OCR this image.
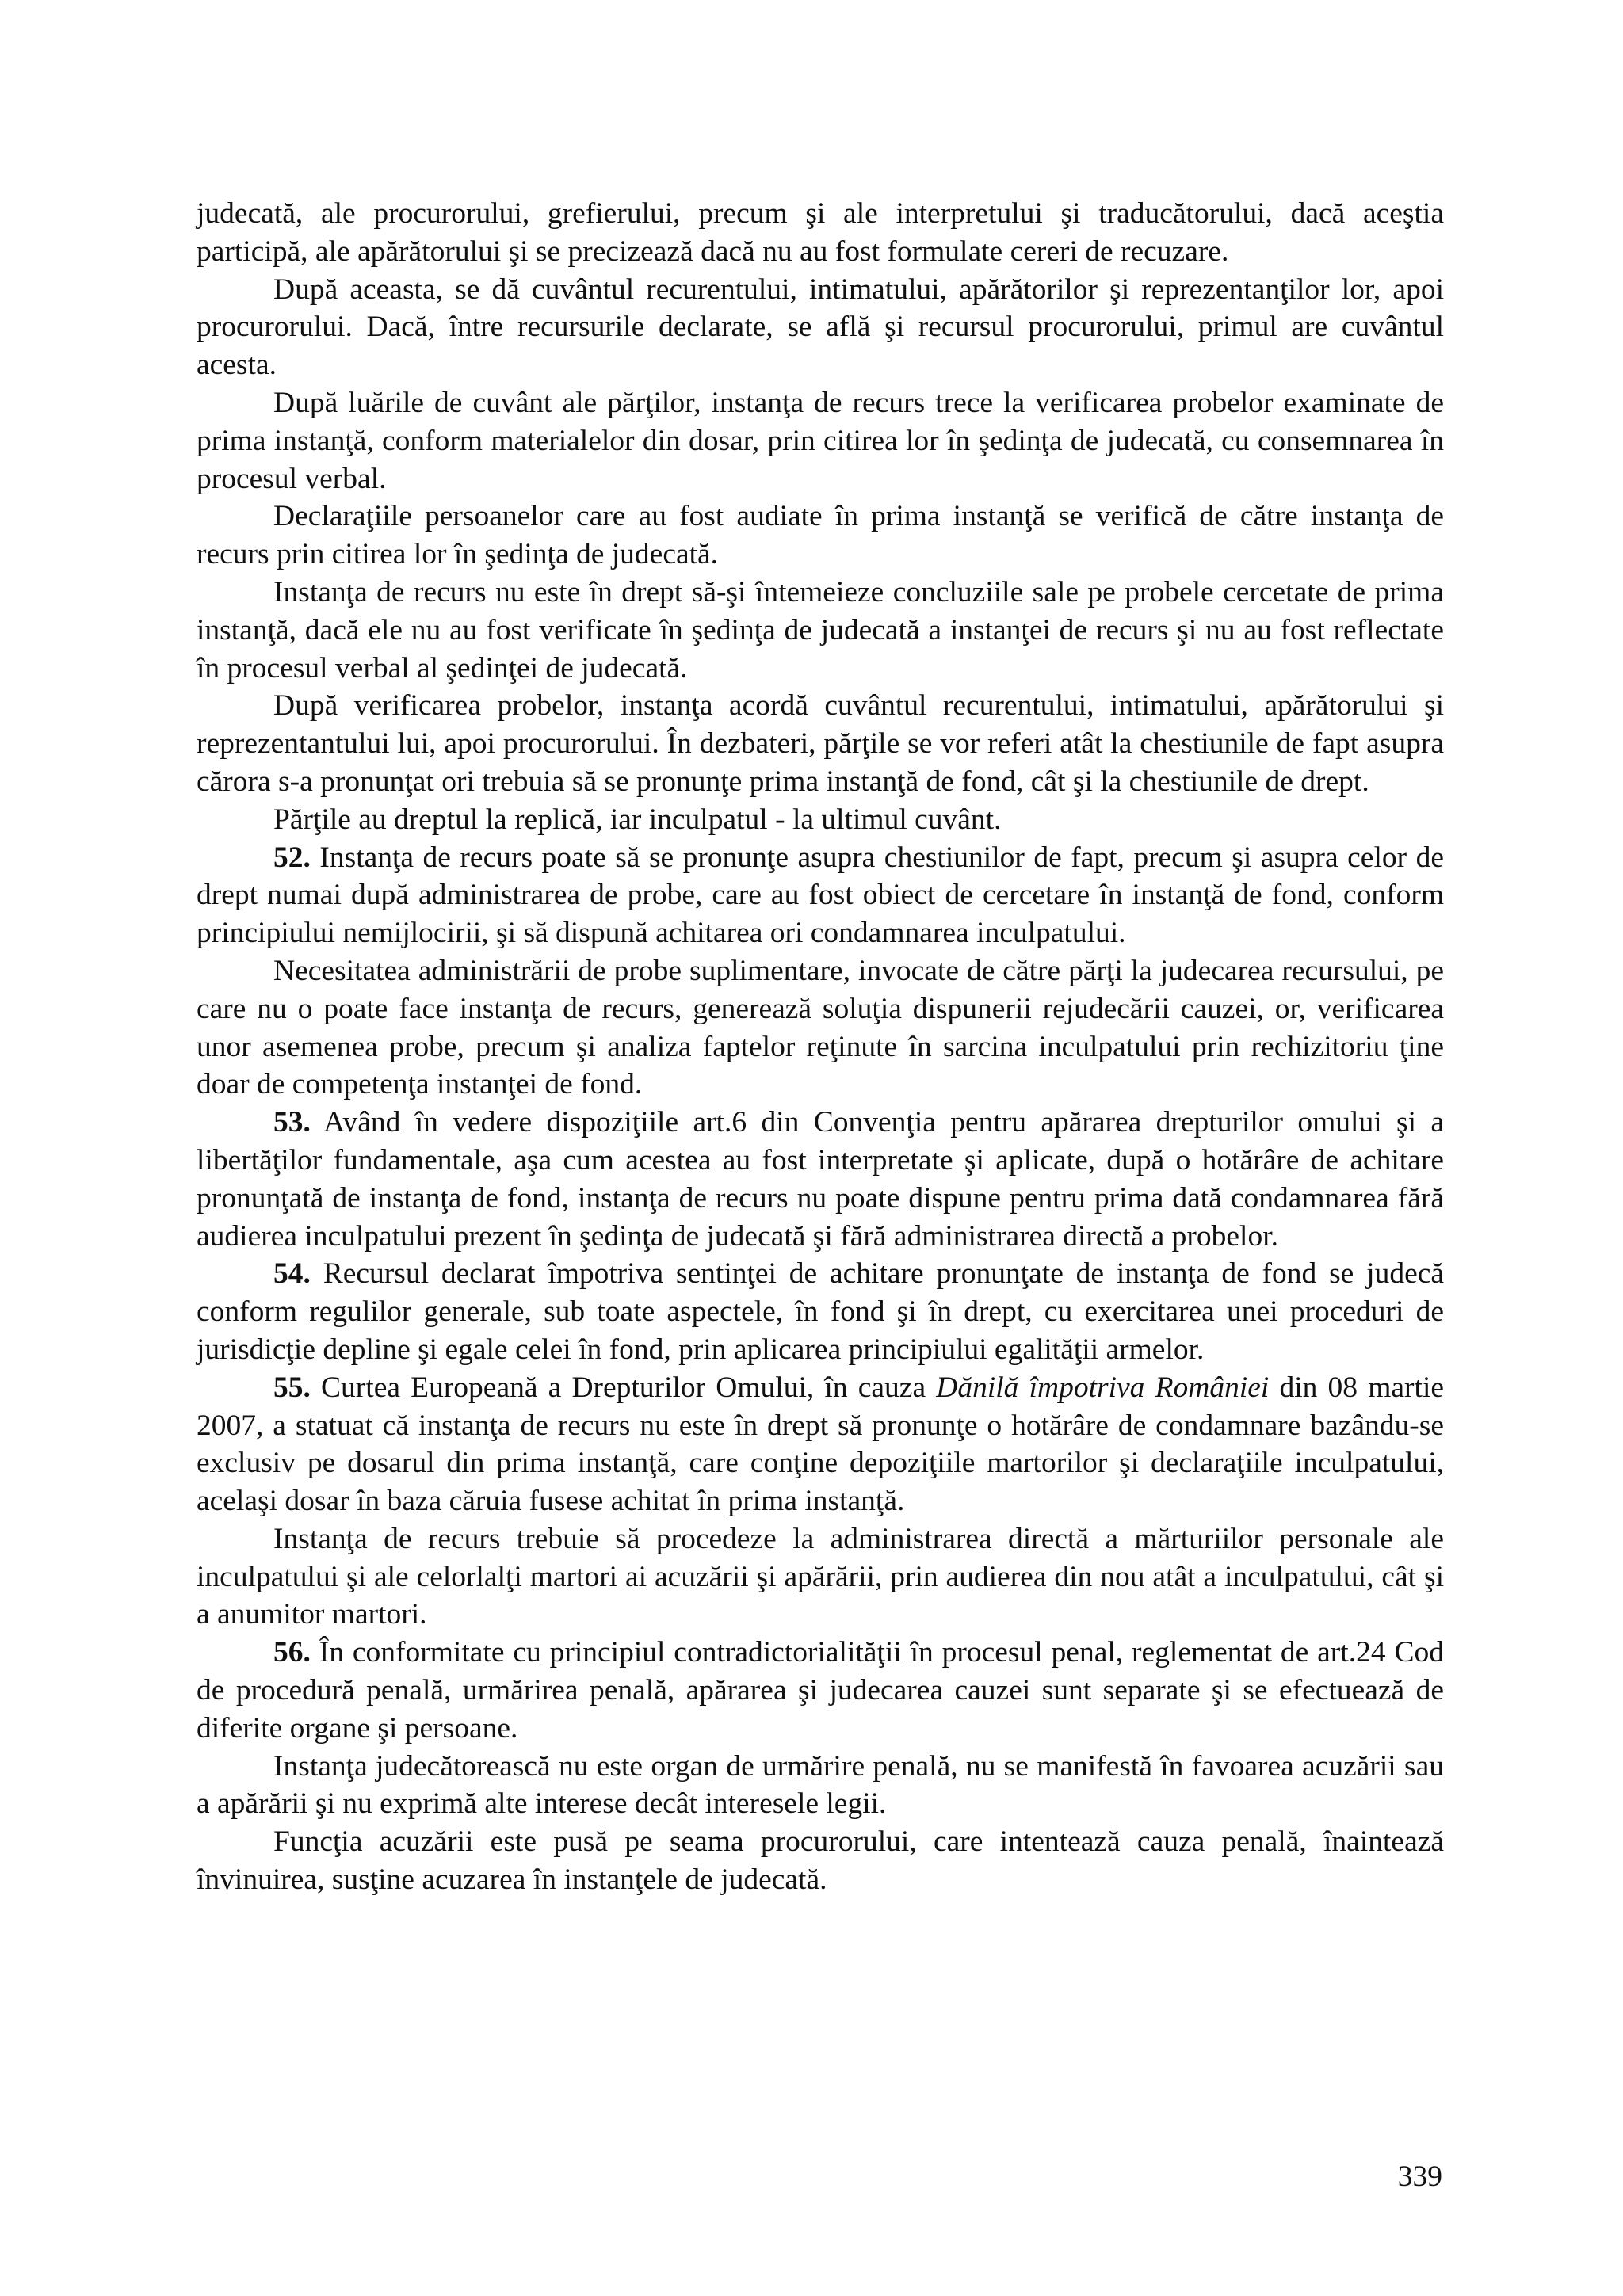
judecată, ale procurorului, grefierului, precum şi ale interpretului şi traducătorului, dacă aceştia participă, ale apărătorului şi se precizează dacă nu au fost formulate cereri de recuzare.

După aceasta, se dă cuvântul recurentului, intimatului, apărătorilor şi reprezentanţilor lor, apoi procurorului. Dacă, între recursurile declarate, se află şi recursul procurorului, primul are cuvântul acesta.

După luările de cuvânt ale părţilor, instanţa de recurs trece la verificarea probelor examinate de prima instanţă, conform materialelor din dosar, prin citirea lor în şedinţa de judecată, cu consemnarea în procesul verbal.

Declaraţiile persoanelor care au fost audiate în prima instanţă se verifică de către instanţa de recurs prin citirea lor în şedinţa de judecată.

Instanţa de recurs nu este în drept să-şi întemeieze concluziile sale pe probele cercetate de prima instanţă, dacă ele nu au fost verificate în şedinţa de judecată a instanţei de recurs şi nu au fost reflectate în procesul verbal al şedinţei de judecată.

După verificarea probelor, instanţa acordă cuvântul recurentului, intimatului, apărătorului şi reprezentantului lui, apoi procurorului. În dezbateri, părţile se vor referi atât la chestiunile de fapt asupra cărora s-a pronunţat ori trebuia să se pronunţe prima instanţă de fond, cât şi la chestiunile de drept.

Părţile au dreptul la replică, iar inculpatul - la ultimul cuvânt.

52. Instanţa de recurs poate să se pronunţe asupra chestiunilor de fapt, precum şi asupra celor de drept numai după administrarea de probe, care au fost obiect de cercetare în instanţă de fond, conform principiului nemijlocirii, şi să dispună achitarea ori condamnarea inculpatului.

Necesitatea administrării de probe suplimentare, invocate de către părţi la judecarea recursului, pe care nu o poate face instanţa de recurs, generează soluţia dispunerii rejudecării cauzei, or, verificarea unor asemenea probe, precum şi analiza faptelor reţinute în sarcina inculpatului prin rechizitoriu ţine doar de competenţa instanţei de fond.

53. Având în vedere dispoziţiile art.6 din Convenţia pentru apărarea drepturilor omului şi a libertăţilor fundamentale, aşa cum acestea au fost interpretate şi aplicate, după o hotărâre de achitare pronunţată de instanţa de fond, instanţa de recurs nu poate dispune pentru prima dată condamnarea fără audierea inculpatului prezent în şedinţa de judecată şi fără administrarea directă a probelor.

54. Recursul declarat împotriva sentinţei de achitare pronunţate de instanţa de fond se judecă conform regulilor generale, sub toate aspectele, în fond şi în drept, cu exercitarea unei proceduri de jurisdicţie depline şi egale celei în fond, prin aplicarea principiului egalităţii armelor.

55. Curtea Europeană a Drepturilor Omului, în cauza Dănilă împotriva României din 08 martie 2007, a statuat că instanţa de recurs nu este în drept să pronunţe o hotărâre de condamnare bazându-se exclusiv pe dosarul din prima instanţă, care conţine depoziţiile martorilor şi declaraţiile inculpatului, acelaşi dosar în baza căruia fusese achitat în prima instanţă.

Instanţa de recurs trebuie să procedeze la administrarea directă a mărturiilor personale ale inculpatului şi ale celorlalţi martori ai acuzării şi apărării, prin audierea din nou atât a inculpatului, cât şi a anumitor martori.

56. În conformitate cu principiul contradictorialităţii în procesul penal, reglementat de art.24 Cod de procedură penală, urmărirea penală, apărarea şi judecarea cauzei sunt separate şi se efectuează de diferite organe şi persoane.

Instanţa judecătorească nu este organ de urmărire penală, nu se manifestă în favoarea acuzării sau a apărării şi nu exprimă alte interese decât interesele legii.

Funcţia acuzării este pusă pe seama procurorului, care intentează cauza penală, înaintează învinuirea, susţine acuzarea în instanţele de judecată.

339
